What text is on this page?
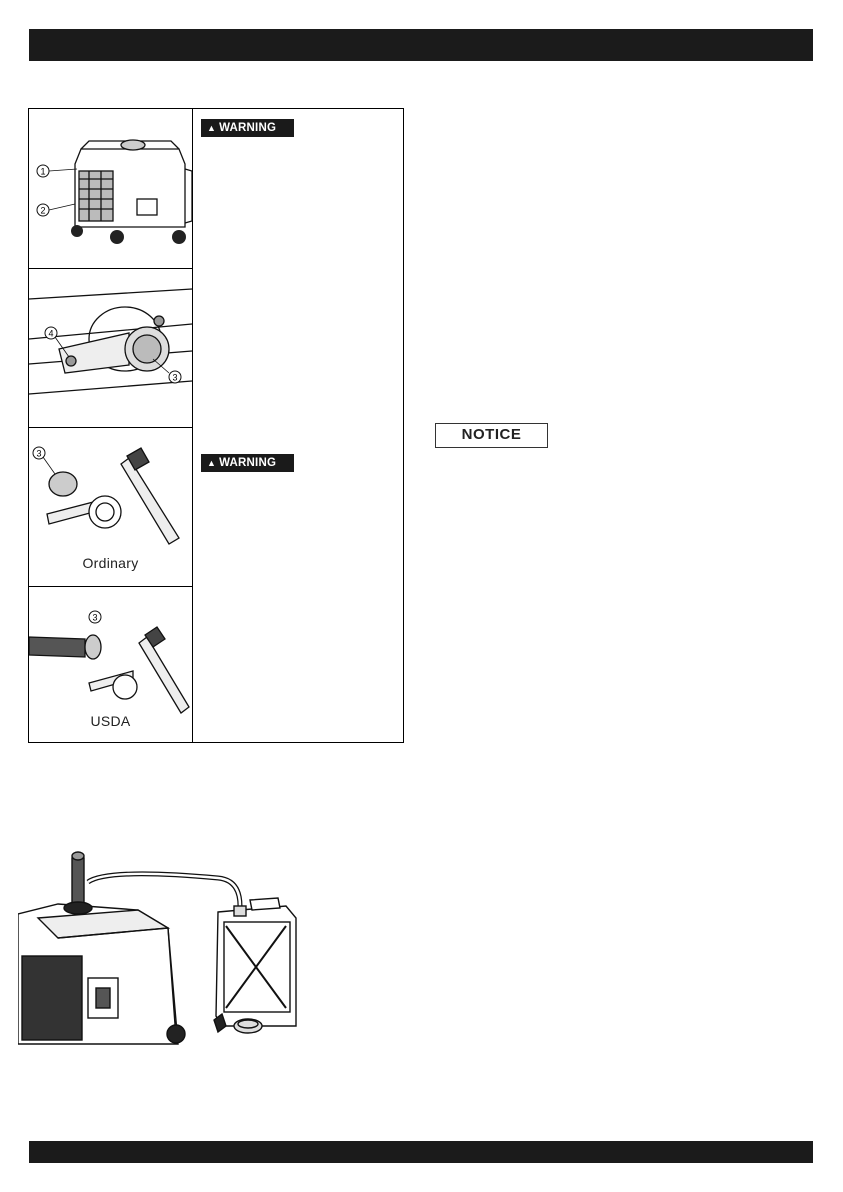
1
2
4
3
3
Ordinary
3
USDA
▲ WARNING
▲ WARNING
NOTICE
